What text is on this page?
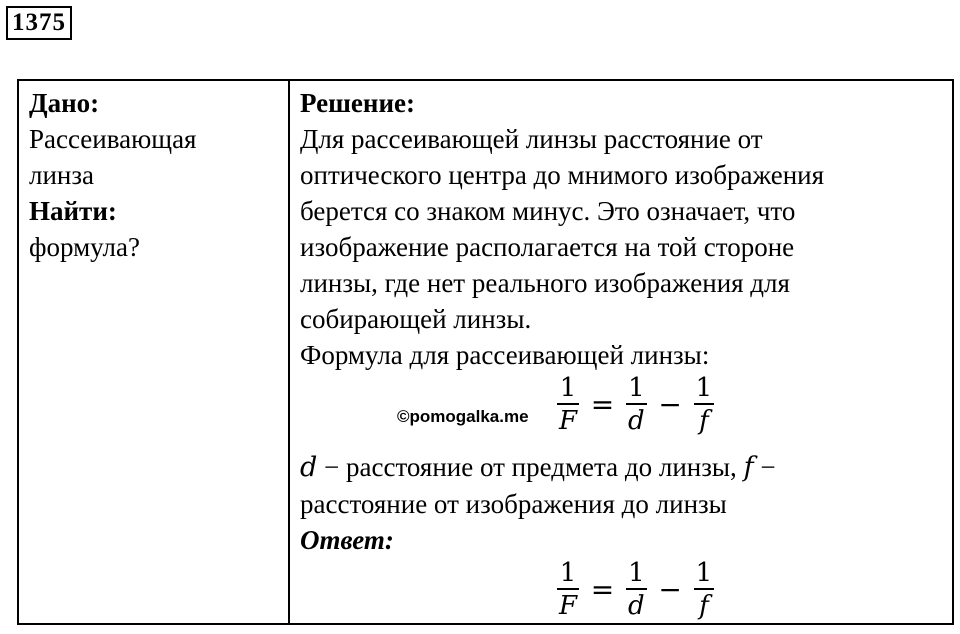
1375
Дано:
Рассеивающая
линза
Найти:
формула?
Решение:
Для рассеивающей линзы расстояние от
оптического центра до мнимого изображения
берется со знаком минус. Это означает, что
изображение располагается на той стороне
линзы, где нет реального изображения для
собирающей линзы.
Формула для рассеивающей линзы:
©pomogalka.me $\frac{1}{F} = \frac{1}{d} - \frac{1}{f}$
d − расстояние от предмета до линзы, f −
расстояние от изображения до линзы
Ответ:
$\frac{1}{F} = \frac{1}{d} - \frac{1}{f}$
